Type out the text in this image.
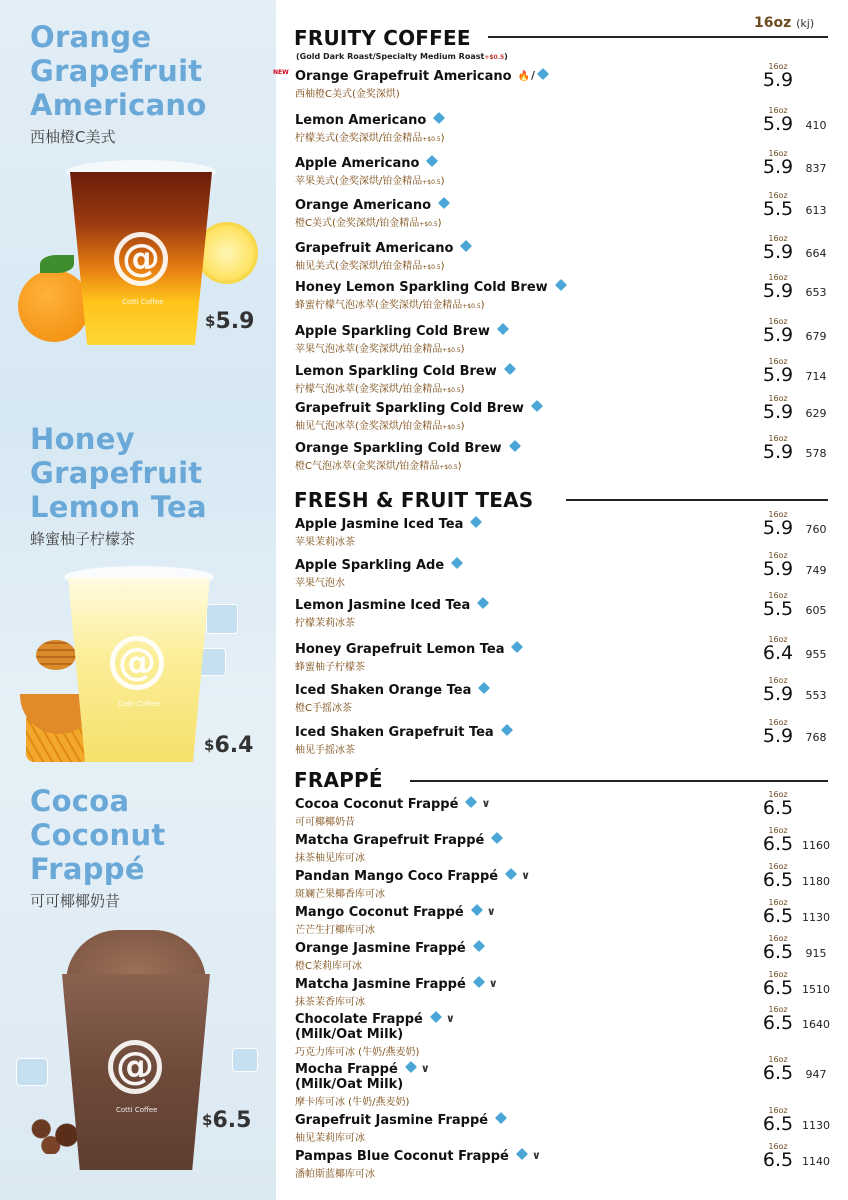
Orange
Grapefruit
Americano
西柚橙C美式
@
Cotti Coffee
$5.9
Honey
Grapefruit
Lemon Tea
蜂蜜柚子柠檬茶
@
Cotti Coffee
$6.4
Cocoa
Coconut
Frappé
可可椰椰奶昔
@
Cotti Coffee
$6.5
16oz (kj)
FRUITY COFFEE
(Gold Dark Roast/Specialty Medium Roast+$0.5)
NEW Orange Grapefruit Americano 🔥/
西柚橙C美式(金奖深烘)
16oz
5.9
Lemon Americano
柠檬美式(金奖深烘/铂金精品+$0.5)
16oz
5.9	410
Apple Americano
苹果美式(金奖深烘/铂金精品+$0.5)
16oz
5.9	837
Orange Americano
橙C美式(金奖深烘/铂金精品+$0.5)
16oz
5.5	613
Grapefruit Americano
柚见美式(金奖深烘/铂金精品+$0.5)
16oz
5.9	664
Honey Lemon Sparkling Cold Brew
蜂蜜柠檬气泡冰萃(金奖深烘/铂金精品+$0.5)
16oz
5.9	653
Apple Sparkling Cold Brew
苹果气泡冰萃(金奖深烘/铂金精品+$0.5)
16oz
5.9	679
Lemon Sparkling Cold Brew
柠檬气泡冰萃(金奖深烘/铂金精品+$0.5)
16oz
5.9	714
Grapefruit Sparkling Cold Brew
柚见气泡冰萃(金奖深烘/铂金精品+$0.5)
16oz
5.9	629
Orange Sparkling Cold Brew
橙C气泡冰萃(金奖深烘/铂金精品+$0.5)
16oz
5.9	578
FRESH & FRUIT TEAS
Apple Jasmine Iced Tea
苹果茉莉冰茶
16oz
5.9	760
Apple Sparkling Ade
苹果气泡水
16oz
5.9	749
Lemon Jasmine Iced Tea
柠檬茉莉冰茶
16oz
5.5	605
Honey Grapefruit Lemon Tea
蜂蜜柚子柠檬茶
16oz
6.4	955
Iced Shaken Orange Tea
橙C手摇冰茶
16oz
5.9	553
Iced Shaken Grapefruit Tea
柚见手摇冰茶
16oz
5.9	768
FRAPPÉ
Cocoa Coconut Frappé ∨
可可椰椰奶昔
16oz
6.5
Matcha Grapefruit Frappé
抹茶柚见库可冰
16oz
6.5 1160
Pandan Mango Coco Frappé ∨
斑斓芒果椰香库可冰
16oz
6.5 1180
Mango Coconut Frappé ∨
芒芒生打椰库可冰
16oz
6.5 1130
Orange Jasmine Frappé
橙C茉莉库可冰
16oz
6.5	915
Matcha Jasmine Frappé ∨
抹茶茉香库可冰
16oz
6.5 1510
Chocolate Frappé ∨
(Milk/Oat Milk)
巧克力库可冰 (牛奶/燕麦奶)
16oz
6.5 1640
Mocha Frappé ∨
(Milk/Oat Milk)
摩卡库可冰 (牛奶/燕麦奶)
16oz
6.5	947
Grapefruit Jasmine Frappé
柚见茉莉库可冰
16oz
6.5 1130
Pampas Blue Coconut Frappé ∨
潘帕斯蓝椰库可冰
16oz
6.5 1140
